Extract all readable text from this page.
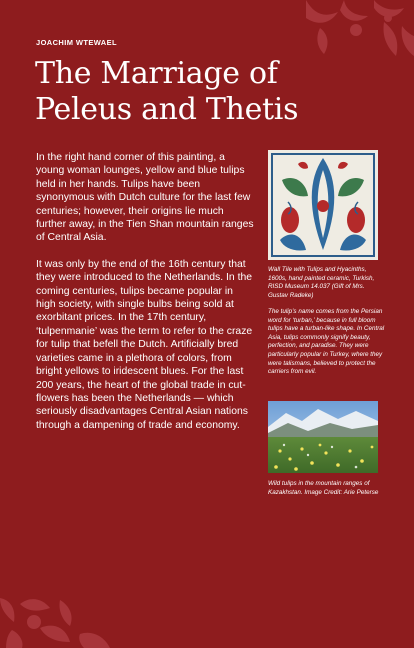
JOACHIM WTEWAEL
The Marriage of
Peleus and Thetis

In the right hand corner of this painting, a young woman lounges, yellow and blue tulips held in her hands. Tulips have been synonymous with Dutch culture for the last few centuries; however, their origins lie much further away, in the Tien Shan mountain ranges of Central Asia.

It was only by the end of the 16th century that they were introduced to the Netherlands. In the coming centuries, tulips became popular in high society, with single bulbs being sold at exorbitant prices. In the 17th century, ‘tulpenmanie’ was the term to refer to the craze for tulip that befell the Dutch. Artificially bred varieties came in a plethora of colors, from bright yellows to iridescent blues. For the last 200 years, the heart of the global trade in cut-flowers has been the Netherlands — which seriously disadvantages Central Asian nations through a dampening of trade and economy.

Wall Tile with Tulips and Hyacinths, 1600s, hand painted ceramic, Turkish, RISD Museum 14.037 (Gift of Mrs. Gustav Radeke)
The tulip’s name comes from the Persian word for ‘turban,’ because in full bloom tulips have a turban-like shape. In Central Asia, tulips commonly signify beauty, perfection, and paradise. They were particularly popular in Turkey, where they were talismans, believed to protect the carriers from evil.
Wild tulips in the mountain ranges of Kazakhstan. Image Credit: Arie Peterse
